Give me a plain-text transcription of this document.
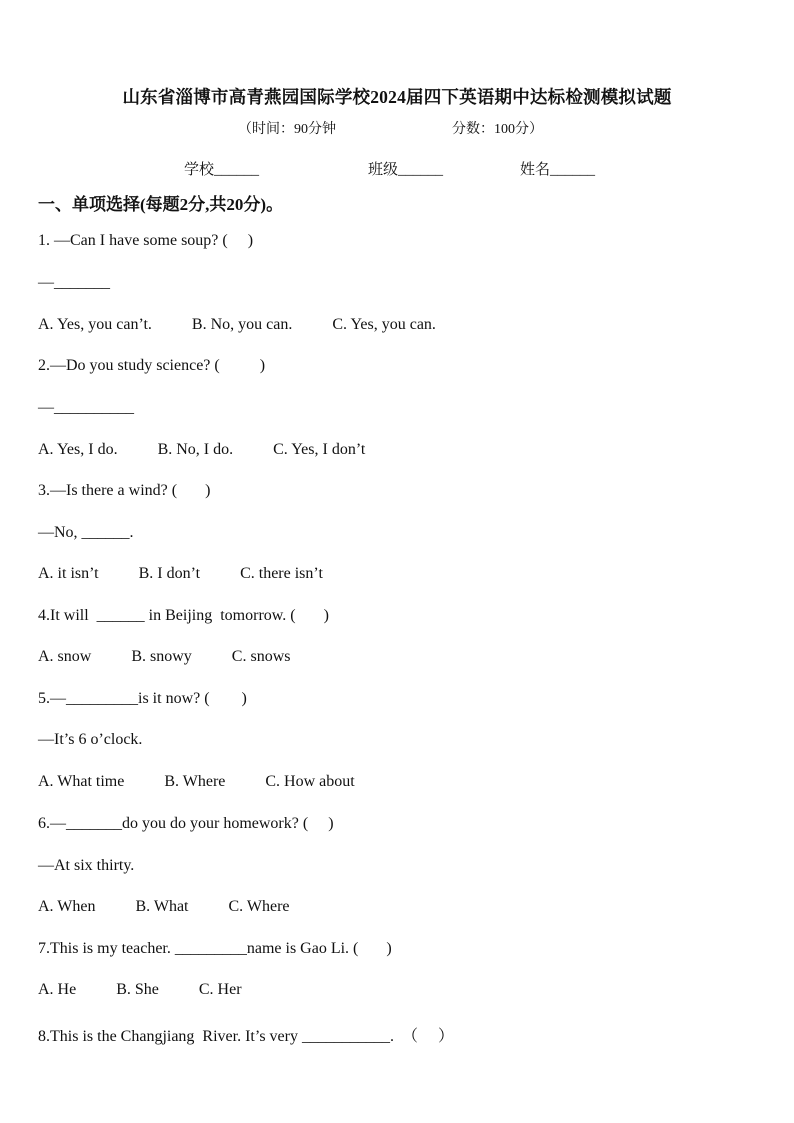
山东省淄博市高青燕园国际学校2024届四下英语期中达标检测模拟试题
（时间：90分钟	分数：100分）
学校______	班级______	姓名______
一、单项选择(每题2分,共20分)。
1. —Can I have some soup? (     )
—_______
A. Yes, you can’t.          B. No, you can.          C. Yes, you can.
2.—Do you study science? (          )
—__________
A. Yes, I do.          B. No, I do.          C. Yes, I don’t
3.—Is there a wind? (       )
—No, ______.
A. it isn’t          B. I don’t          C. there isn’t
4.It will  ______ in Beijing  tomorrow. (       )
A. snow          B. snowy          C. snows
5.—_________is it now? (        )
—It’s 6 o’clock.
A. What time          B. Where          C. How about
6.—_______do you do your homework? (     )
—At six thirty.
A. When          B. What          C. Where
7.This is my teacher. _________name is Gao Li. (       )
A. He          B. She          C. Her
8.This is the Changjiang  River. It’s very ___________.  （     ）
